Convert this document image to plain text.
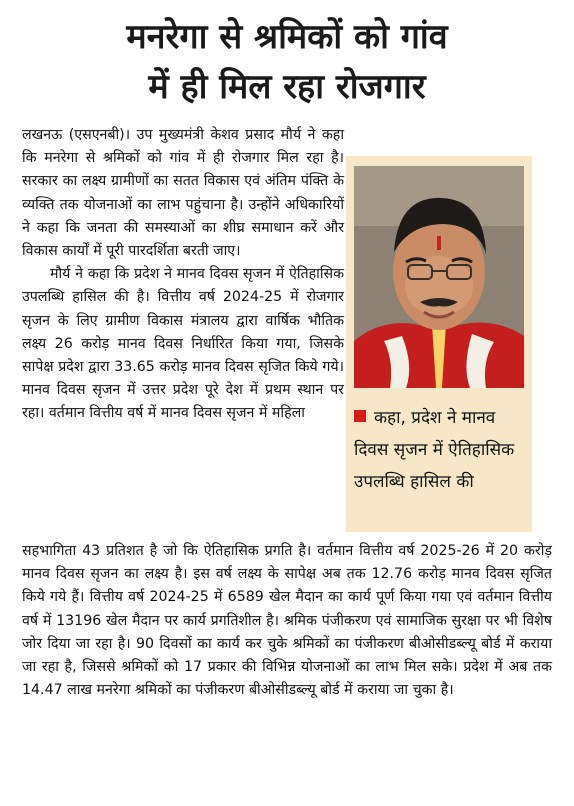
मनरेगा से श्रमिकों को गांव
में ही मिल रहा रोजगार

लखनऊ (एसएनबी)। उप मुख्यमंत्री केशव प्रसाद मौर्य ने कहा कि मनरेगा से श्रमिकों को गांव में ही रोजगार मिल रहा है। सरकार का लक्ष्य ग्रामीणों का सतत विकास एवं अंतिम पंक्ति के व्यक्ति तक योजनाओं का लाभ पहुंचाना है। उन्होंने अधिकारियों ने कहा कि जनता की समस्याओं का शीघ्र समाधान करें और विकास कार्यों में पूरी पारदर्शिता बरती जाए।

मौर्य ने कहा कि प्रदेश ने मानव दिवस सृजन में ऐतिहासिक उपलब्धि हासिल की है। वित्तीय वर्ष 2024-25 में रोजगार सृजन के लिए ग्रामीण विकास मंत्रालय द्वारा वार्षिक भौतिक लक्ष्य 26 करोड़ मानव दिवस निर्धारित किया गया, जिसके सापेक्ष प्रदेश द्वारा 33.65 करोड़ मानव दिवस सृजित किये गये। मानव दिवस सृजन में उत्तर प्रदेश पूरे देश में प्रथम स्थान पर रहा। वर्तमान वित्तीय वर्ष में मानव दिवस सृजन में महिला	कहा, प्रदेश ने मानव दिवस सृजन में ऐतिहासिक उपलब्धि हासिल की

सहभागिता 43 प्रतिशत है जो कि ऐतिहासिक प्रगति है। वर्तमान वित्तीय वर्ष 2025-26 में 20 करोड़ मानव दिवस सृजन का लक्ष्य है। इस वर्ष लक्ष्य के सापेक्ष अब तक 12.76 करोड़ मानव दिवस सृजित किये गये हैं। वित्तीय वर्ष 2024-25 में 6589 खेल मैदान का कार्य पूर्ण किया गया एवं वर्तमान वित्तीय वर्ष में 13196 खेल मैदान पर कार्य प्रगतिशील है। श्रमिक पंजीकरण एवं सामाजिक सुरक्षा पर भी विशेष जोर दिया जा रहा है। 90 दिवसों का कार्य कर चुके श्रमिकों का पंजीकरण बीओसीडब्ल्यू बोर्ड में कराया जा रहा है, जिससे श्रमिकों को 17 प्रकार की विभिन्न योजनाओं का लाभ मिल सके। प्रदेश में अब तक 14.47 लाख मनरेगा श्रमिकों का पंजीकरण बीओसीडब्ल्यू बोर्ड में कराया जा चुका है।
